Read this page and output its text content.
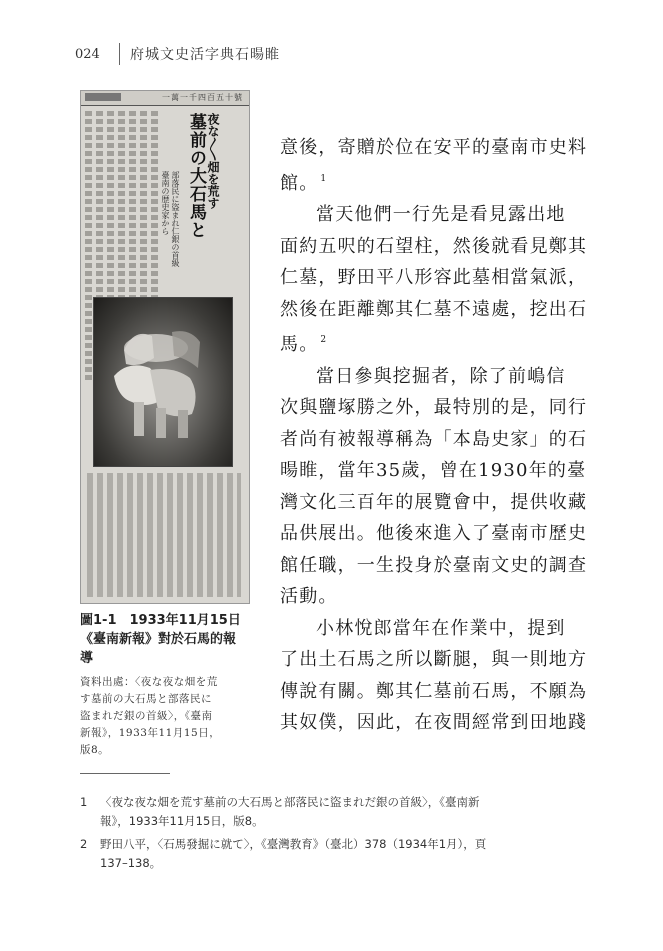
024	府城文史活字典石暘睢
一萬一千四百五十號
夜な〳〵畑を荒す
墓前の大石馬と
部落民に盜まれ仁銀の首級
臺南の歴史家から
圖1-1　1933年11月15日
《臺南新報》對於石馬的報
導
資料出處：〈夜な夜な畑を荒
す墓前の大石馬と部落民に
盜まれだ銀の首級〉，《臺南
新報》，1933年11月15日，
版8。
意後，寄贈於位在安平的臺南市史料
館。 $^1$
當天他們一行先是看見露出地
面約五呎的石望柱，然後就看見鄭其
仁墓，野田平八形容此墓相當氣派，
然後在距離鄭其仁墓不遠處，挖出石
馬。 $^2$
當日參與挖掘者，除了前嶋信
次與鹽塚勝之外，最特別的是，同行
者尚有被報導稱為「本島史家」的石
暘睢，當年35歲，曾在1930年的臺
灣文化三百年的展覽會中，提供收藏
品供展出。他後來進入了臺南市歷史
館任職，一生投身於臺南文史的調查
活動。
小林悅郎當年在作業中，提到
了出土石馬之所以斷腿，與一則地方
傳說有關。鄭其仁墓前石馬，不願為
其奴僕，因此，在夜間經常到田地踐
1	〈夜な夜な畑を荒す墓前の大石馬と部落民に盜まれだ銀の首級〉，《臺南新
報》，1933年11月15日，版8。
2	野田八平，〈石馬發掘に就て〉，《臺灣教育》（臺北）378（1934年1月），頁
137–138。
